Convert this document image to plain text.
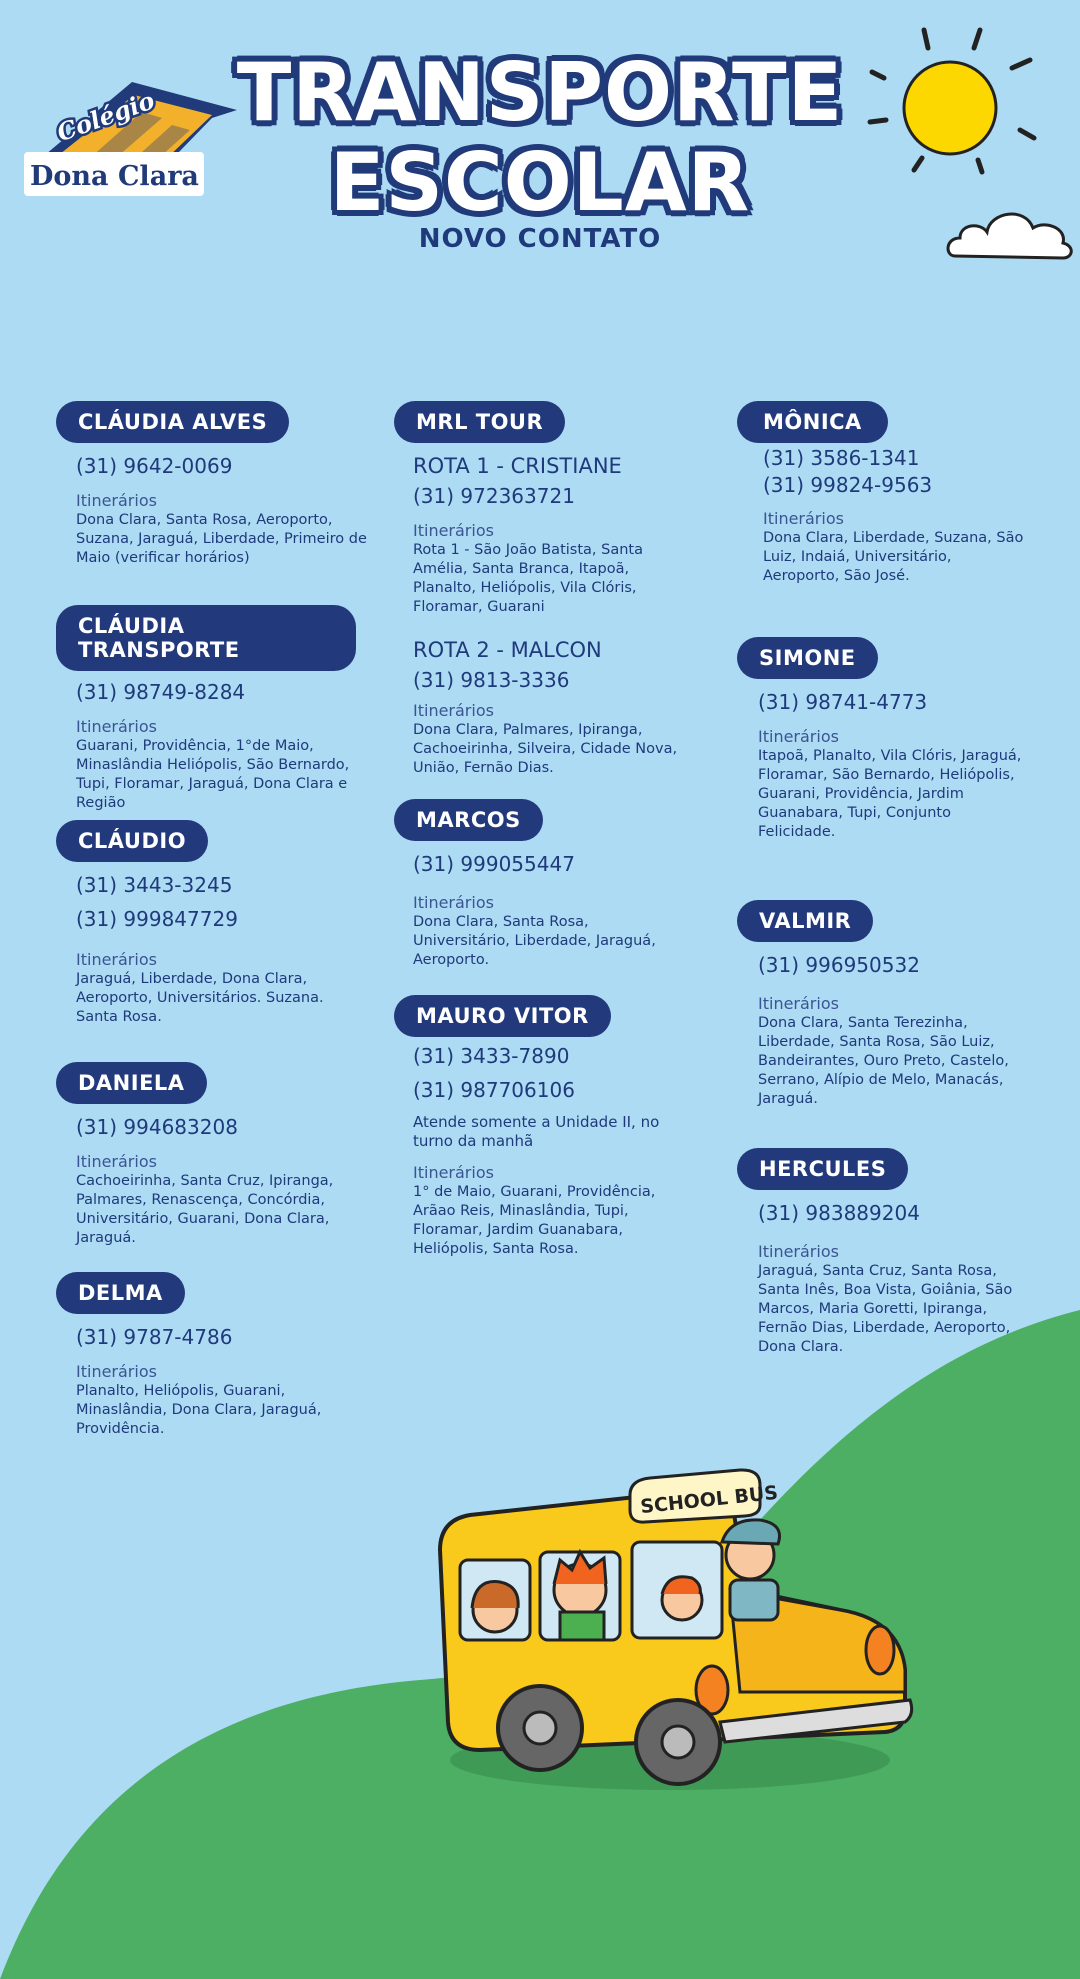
Colégio
Dona Clara
TRANSPORTE
ESCOLAR
NOVO CONTATO
CLÁUDIA ALVES
(31) 9642-0069
Itinerários
Dona Clara, Santa Rosa, Aeroporto, Suzana, Jaraguá, Liberdade, Primeiro de Maio (verificar horários)
CLÁUDIA TRANSPORTE
(31) 98749-8284
Itinerários
Guarani, Providência, 1°de Maio, Minaslândia Heliópolis, São Bernardo, Tupi, Floramar, Jaraguá, Dona Clara e Região
CLÁUDIO
(31) 3443-3245
(31) 999847729
Itinerários
Jaraguá, Liberdade, Dona Clara, Aeroporto, Universitários. Suzana. Santa Rosa.
DANIELA
(31) 994683208
Itinerários
Cachoeirinha, Santa Cruz, Ipiranga, Palmares, Renascença, Concórdia, Universitário, Guarani, Dona Clara, Jaraguá.
DELMA
(31) 9787-4786
Itinerários
Planalto, Heliópolis, Guarani, Minaslândia, Dona Clara, Jaraguá, Providência.
MRL TOUR
ROTA 1 - CRISTIANE
(31) 972363721
Itinerários
Rota 1 - São João Batista, Santa Amélia, Santa Branca, Itapoã, Planalto, Heliópolis, Vila Clóris, Floramar, Guarani
ROTA 2 - MALCON
(31) 9813-3336
Itinerários
Dona Clara, Palmares, Ipiranga, Cachoeirinha, Silveira, Cidade Nova, União, Fernão Dias.
MARCOS
(31) 999055447
Itinerários
Dona Clara, Santa Rosa, Universitário, Liberdade, Jaraguá, Aeroporto.
MAURO VITOR
(31) 3433-7890
(31) 987706106
Atende somente a Unidade II, no turno da manhã
Itinerários
1° de Maio, Guarani, Providência, Arãao Reis, Minaslândia, Tupi, Floramar, Jardim Guanabara, Heliópolis, Santa Rosa.
MÔNICA
(31) 3586-1341
(31) 99824-9563
Itinerários
Dona Clara, Liberdade, Suzana, São Luiz, Indaiá, Universitário, Aeroporto, São José.
SIMONE
(31) 98741-4773
Itinerários
Itapoã, Planalto, Vila Clóris, Jaraguá, Floramar, São Bernardo, Heliópolis, Guarani, Providência, Jardim Guanabara, Tupi, Conjunto Felicidade.
VALMIR
(31) 996950532
Itinerários
Dona Clara, Santa Terezinha, Liberdade, Santa Rosa, São Luiz, Bandeirantes, Ouro Preto, Castelo, Serrano, Alípio de Melo, Manacás, Jaraguá.
HERCULES
(31) 983889204
Itinerários
Jaraguá, Santa Cruz, Santa Rosa, Santa Inês, Boa Vista, Goiânia, São Marcos, Maria Goretti, Ipiranga, Fernão Dias, Liberdade, Aeroporto, Dona Clara.
SCHOOL BUS
